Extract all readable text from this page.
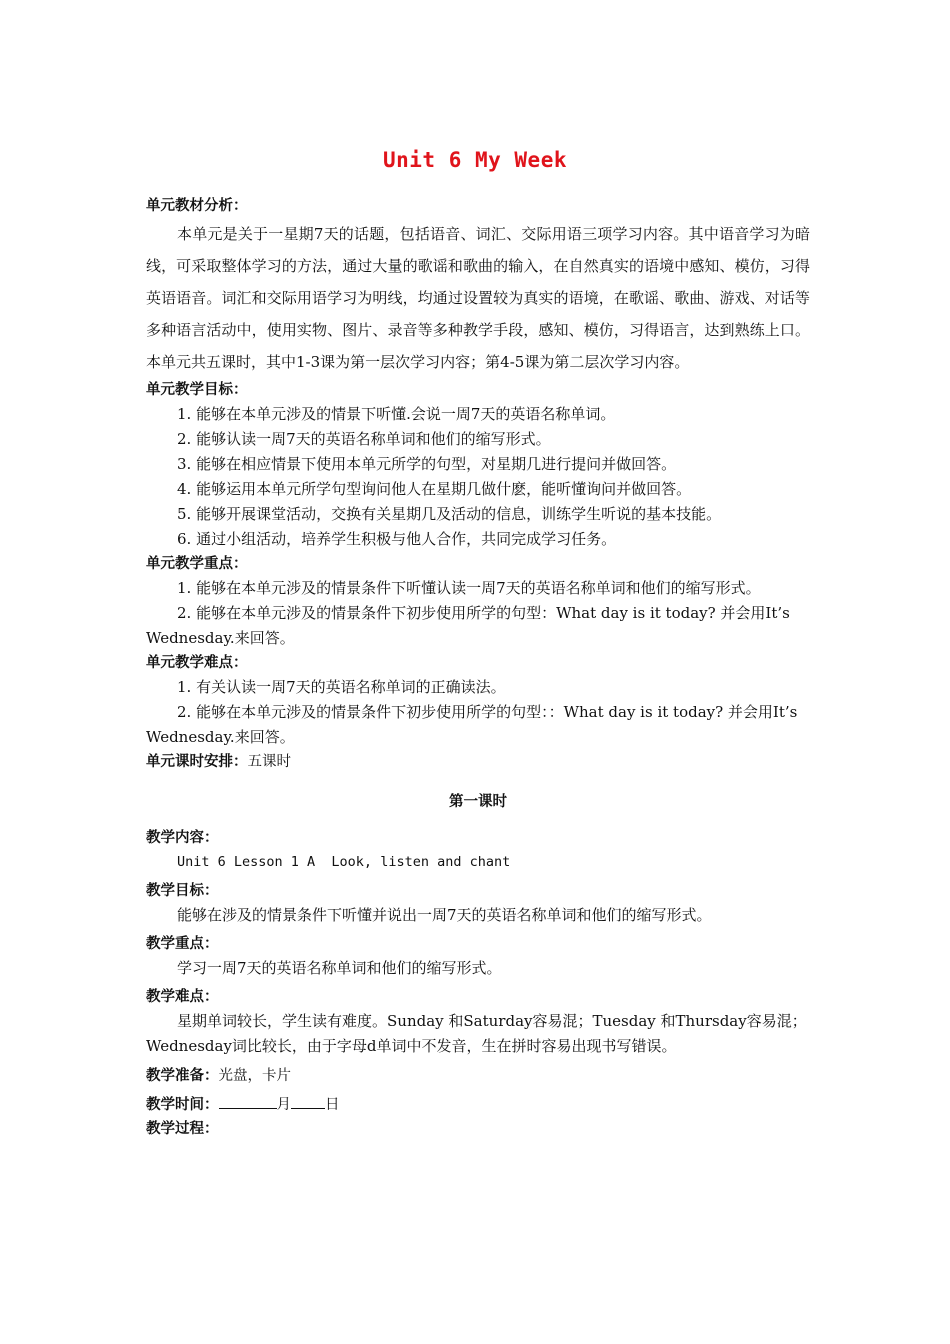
Unit 6 My Week
单元教材分析：
本单元是关于一星期7天的话题，包括语音、词汇、交际用语三项学习内容。其中语音学习为暗线，可采取整体学习的方法，通过大量的歌谣和歌曲的输入，在自然真实的语境中感知、模仿，习得英语语音。词汇和交际用语学习为明线，均通过设置较为真实的语境，在歌谣、歌曲、游戏、对话等多种语言活动中，使用实物、图片、录音等多种教学手段，感知、模仿，习得语言，达到熟练上口。本单元共五课时，其中1-3课为第一层次学习内容；第4-5课为第二层次学习内容。
单元教学目标：
1. 能够在本单元涉及的情景下听懂.会说一周7天的英语名称单词。
2. 能够认读一周7天的英语名称单词和他们的缩写形式。
3. 能够在相应情景下使用本单元所学的句型，对星期几进行提问并做回答。
4. 能够运用本单元所学句型询问他人在星期几做什麽，能听懂询问并做回答。
5. 能够开展课堂活动，交换有关星期几及活动的信息，训练学生听说的基本技能。
6. 通过小组活动，培养学生积极与他人合作，共同完成学习任务。
单元教学重点：
1. 能够在本单元涉及的情景条件下听懂认读一周7天的英语名称单词和他们的缩写形式。
2. 能够在本单元涉及的情景条件下初步使用所学的句型：What day is it today? 并会用It’s Wednesday.来回答。
单元教学难点：
1. 有关认读一周7天的英语名称单词的正确读法。
2. 能够在本单元涉及的情景条件下初步使用所学的句型：：What day is it today? 并会用It’s Wednesday.来回答。
单元课时安排：五课时
第一课时
教学内容：
Unit 6 Lesson 1 A  Look, listen and chant
教学目标：
能够在涉及的情景条件下听懂并说出一周7天的英语名称单词和他们的缩写形式。
教学重点：
学习一周7天的英语名称单词和他们的缩写形式。
教学难点：
星期单词较长，学生读有难度。Sunday 和Saturday容易混；Tuesday 和Thursday容易混；Wednesday词比较长，由于字母d单词中不发音，生在拼时容易出现书写错误。
教学准备：光盘，卡片
教学时间：	月 日
教学过程：
